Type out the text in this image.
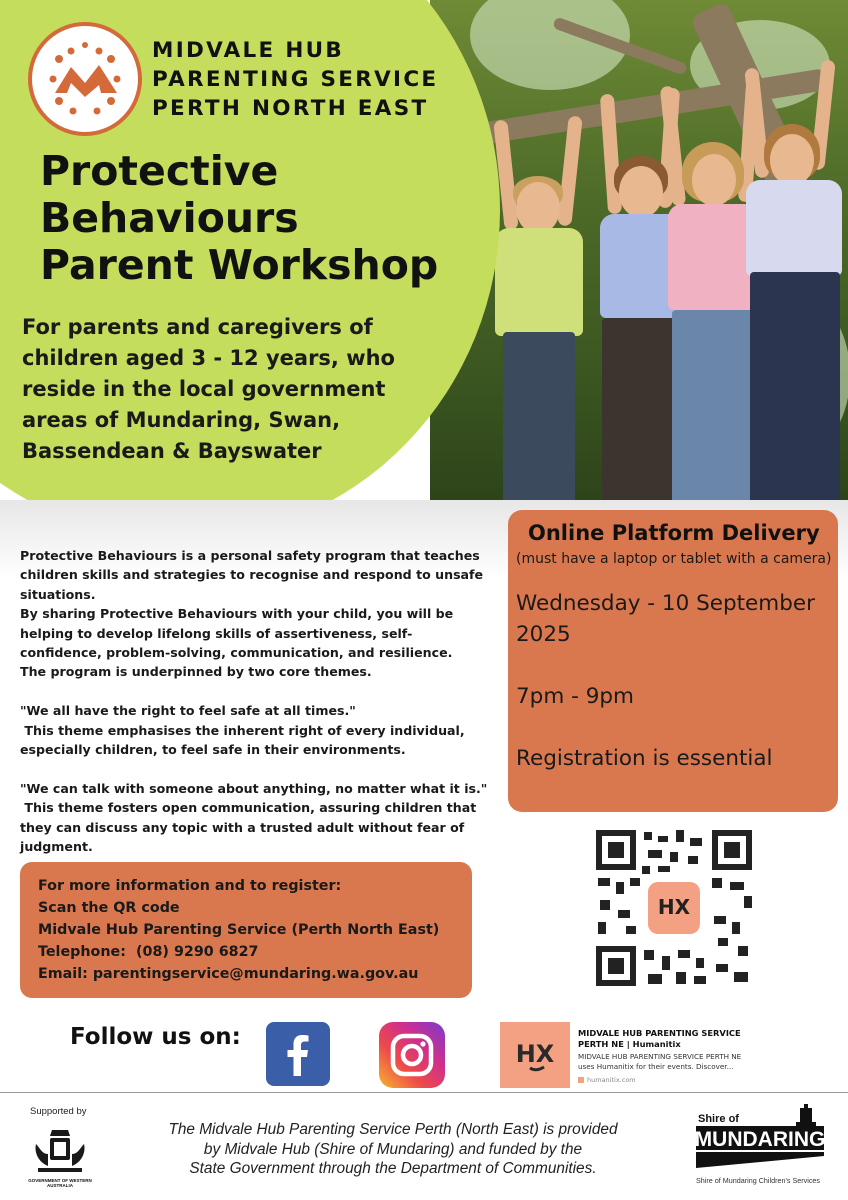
MIDVALE HUB
PARENTING SERVICE
PERTH NORTH EAST
Protective
Behaviours
Parent Workshop
For parents and caregivers of children aged 3 - 12 years, who reside in the local government areas of Mundaring, Swan, Bassendean & Bayswater

Protective Behaviours is a personal safety program that teaches children skills and strategies to recognise and respond to unsafe situations.

By sharing Protective Behaviours with your child, you will be helping to develop lifelong skills of assertiveness, self-confidence, problem-solving, communication, and resilience.

The program is underpinned by two core themes.

"We all have the right to feel safe at all times."

This theme emphasises the inherent right of every individual, especially children, to feel safe in their environments.

"We can talk with someone about anything, no matter what it is."

This theme fosters open communication, assuring children that they can discuss any topic with a trusted adult without fear of judgment.

Online Platform Delivery
(must have a laptop or tablet with a camera)
Wednesday - 10 September 2025
7pm - 9pm
Registration is essential
HX
For more information and to register:
Scan the QR code
Midvale Hub Parenting Service (Perth North East)
Telephone: (08) 9290 6827
Email: parentingservice@mundaring.wa.gov.au
Follow us on:
HX
MIDVALE HUB PARENTING SERVICE
PERTH NE | Humanitix
MIDVALE HUB PARENTING SERVICE PERTH NE
uses Humanitix for their events. Discover...
humanitix.com
Supported by
GOVERNMENT OF WESTERN AUSTRALIA
The Midvale Hub Parenting Service Perth (North East) is provided
by Midvale Hub (Shire of Mundaring) and funded by the
State Government through the Department of Communities.
Shire of
MUNDARING
Shire of Mundaring Children's Services
